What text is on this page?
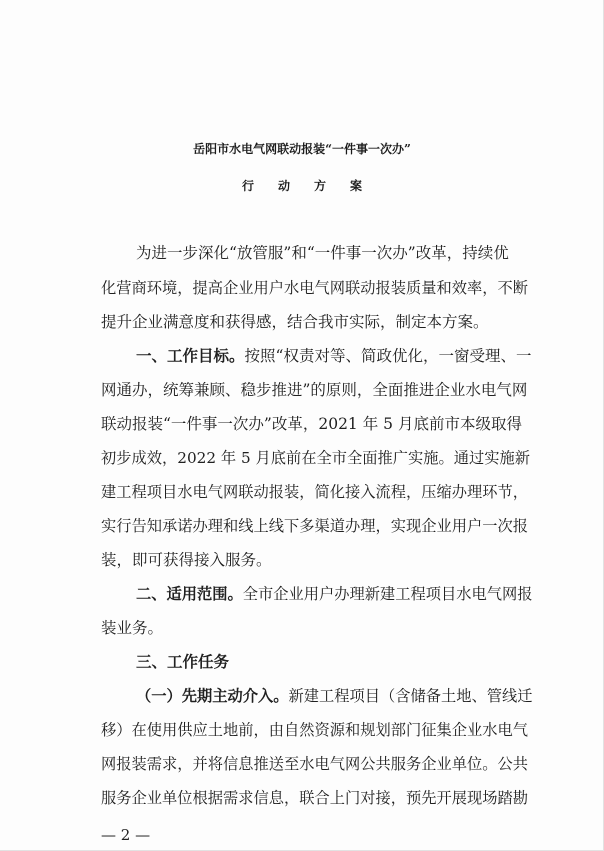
岳阳市水电气网联动报装“一件事一次办”
行动方案

为进一步深化“放管服”和“一件事一次办”改革，持续优

化营商环境，提高企业用户水电气网联动报装质量和效率，不断

提升企业满意度和获得感，结合我市实际，制定本方案。

一、工作目标。按照“权责对等、简政优化，一窗受理、一

网通办，统筹兼顾、稳步推进”的原则，全面推进企业水电气网

联动报装“一件事一次办”改革，2021 年 5 月底前市本级取得

初步成效，2022 年 5 月底前在全市全面推广实施。通过实施新

建工程项目水电气网联动报装，简化接入流程，压缩办理环节，

实行告知承诺办理和线上线下多渠道办理，实现企业用户一次报

装，即可获得接入服务。

二、适用范围。全市企业用户办理新建工程项目水电气网报

装业务。

三、工作任务

（一）先期主动介入。新建工程项目（含储备土地、管线迁

移）在使用供应土地前，由自然资源和规划部门征集企业水电气

网报装需求，并将信息推送至水电气网公共服务企业单位。公共

服务企业单位根据需求信息，联合上门对接，预先开展现场踏勘

— 2 —
